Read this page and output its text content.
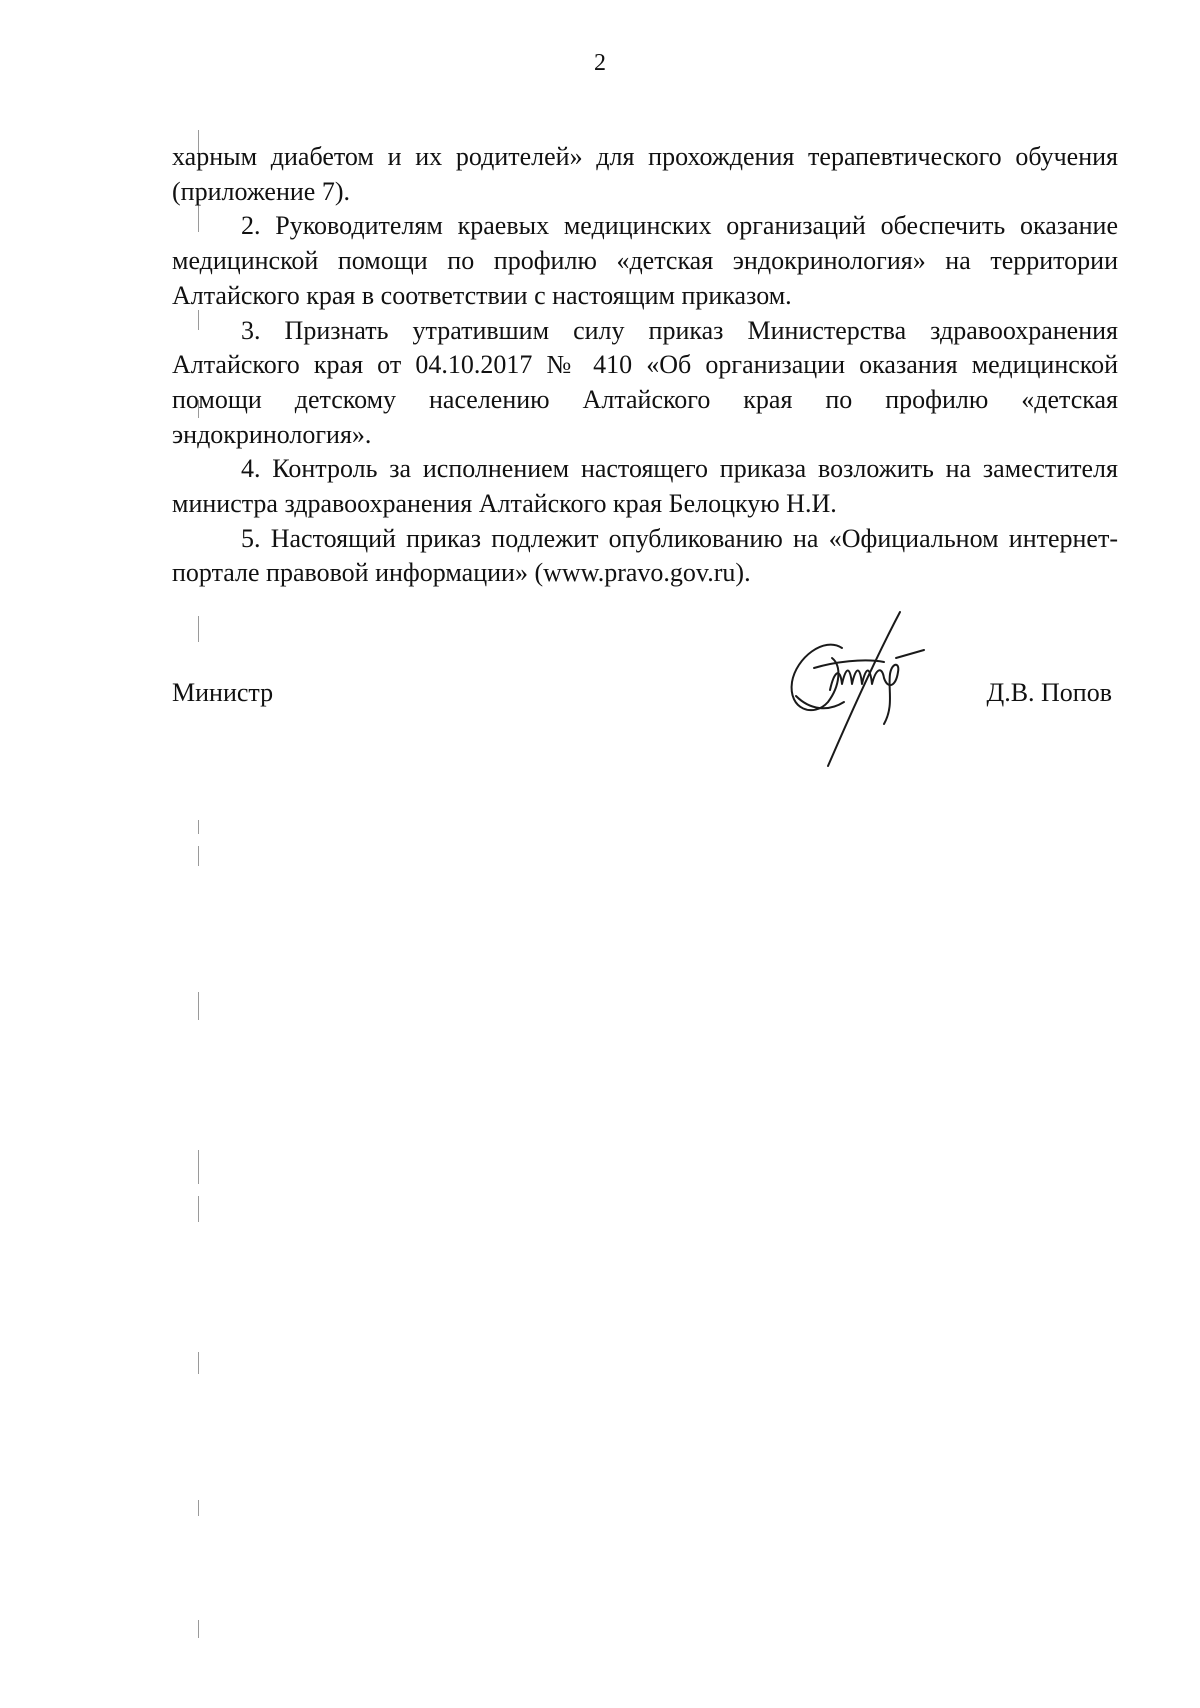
2

харным диабетом и их родителей» для прохождения терапевтического обучения (приложение 7).

2. Руководителям краевых медицинских организаций обеспечить оказание медицинской помощи по профилю «детская эндокринология» на территории Алтайского края в соответствии с настоящим приказом.

3. Признать утратившим силу приказ Министерства здравоохранения Алтайского края от 04.10.2017 № 410 «Об организации оказания медицинской помощи детскому населению Алтайского края по профилю «детская эндокринология».

4. Контроль за исполнением настоящего приказа возложить на заместителя министра здравоохранения Алтайского края Белоцкую Н.И.

5. Настоящий приказ подлежит опубликованию на «Официальном интернет-портале правовой информации» (www.pravo.gov.ru).

Министр	Д.В. Попов
